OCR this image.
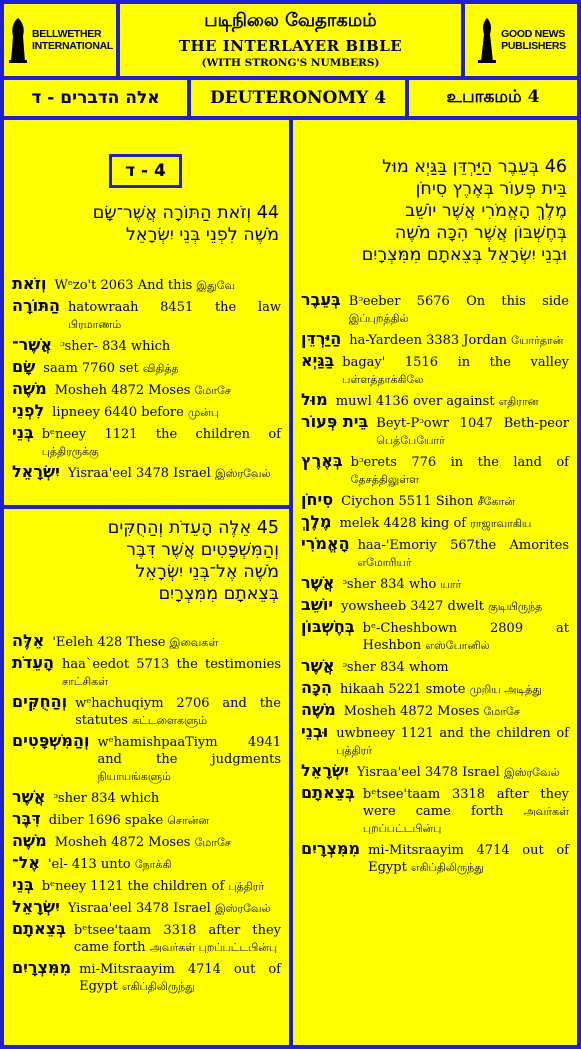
BELLWETHER
INTERNATIONAL
படிநிலை வேதாகமம்
THE INTERLAYER BIBLE
(WITH STRONG'S NUMBERS)
GOOD NEWS
PUBLISHERS
אלה הדברים - ד	DEUTERONOMY 4	உபாகமம் 4
4 - ד
44 וְזֹאת הַתּוֹרָה אֲשֶׁר־שָׂם
מֹשֶׁה לִפְנֵי בְּנֵי יִשְׂרָאֵל
וְזֹאת Wᵉzo't 2063 And this இதுவே
הַתּוֹרָה hatowraah 8451 the law பிரமாணம்
אֲשֶׁר־ ᵓsher- 834 which
שָׂם saam 7760 set விதித்த
מֹשֶׁה Mosheh 4872 Moses மோசே
לִפְנֵי lipneey 6440 before முன்பு
בְּנֵי bᵉneey 1121 the children of புத்திரருக்கு
יִשְׂרָאֵל Yisraa'eel 3478 Israel இஸ்ரவேல்
45 אֵלֶּה הָעֵדֹת וְהַחֻקִּים
וְהַמִּשְׁפָּטִים אֲשֶׁר דִּבֶּר
מֹשֶׁה אֶל־בְּנֵי יִשְׂרָאֵל
בְּצֵאתָם מִמִּצְרָיִם
אֵלֶּה 'Eeleh 428 These இவைகள்
הָעֵדֹת haa`eedot 5713 the testimonies சாட்சிகள்
וְהַחֻקִּים wᵉhachuqiym 2706 and the statutes கட்டளைகளும்
וְהַמִּשְׁפָּטִים wᵉhamishpaaTiym 4941 and the judgments நியாயங்களும்
אֲשֶׁר ᵓsher 834 which
דִּבֶּר diber 1696 spake சொன்ன
מֹשֶׁה Mosheh 4872 Moses மோசே
אֶל־ 'el- 413 unto நோக்கி
בְּנֵי bᵉneey 1121 the children of புத்திரர்
יִשְׂרָאֵל Yisraa'eel 3478 Israel இஸ்ரவேல்
בְּצֵאתָם bᵉtsee'taam 3318 after they came forth அவர்கள் புறப்பட்டபின்பு
מִמִּצְרָיִם mi-Mitsraayim 4714 out of Egypt எகிப்திலிருந்து
46 בְּעֵבֶר הַיַּרְדֵּן בַּגַּיְא מוּל
בֵּית פְּעוֹר בְּאֶרֶץ סִיחֹן
מֶלֶךְ הָאֱמֹרִי אֲשֶׁר יוֹשֵׁב
בְּחֶשְׁבּוֹן אֲשֶׁר הִכָּה מֹשֶׁה
וּבְנֵי יִשְׂרָאֵל בְּצֵאתָם מִמִּצְרָיִם
בְּעֵבֶר Bᵓeeber 5676 On this side இப்புறத்தில்
הַיַּרְדֵּן ha-Yardeen 3383 Jordan யோர்தான்
בַּגַּיְא bagay' 1516 in the valley பள்ளத்தாக்கிலே
מוּל muwl 4136 over against எதிரான
בֵּית פְּעוֹר Beyt-Pᵓowr 1047 Beth-peor பெத்பேயோர்
בְּאֶרֶץ bᵓerets 776 in the land of தேசத்திலுள்ள
סִיחֹן Ciychon 5511 Sihon சீகோன்
מֶלֶךְ melek 4428 king of ராஜாவாகிய
הָאֱמֹרִי haa-'Emoriy 567the Amorites எமோரியர்
אֲשֶׁר ᵓsher 834 who யார்
יוֹשֵׁב yowsheeb 3427 dwelt குடியிருந்த
בְּחֶשְׁבּוֹן bᵉ-Cheshbown 2809 at Heshbon எஸ்போனில்
אֲשֶׁר ᵓsher 834 whom
הִכָּה hikaah 5221 smote முறிய அடித்து
מֹשֶׁה Mosheh 4872 Moses மோசே
וּבְנֵי uwbneey 1121 and the children of புத்திரர்
יִשְׂרָאֵל Yisraa'eel 3478 Israel இஸ்ரவேல்
בְּצֵאתָם bᵉtsee'taam 3318 after they were came forth அவர்கள் புறப்பட்டபின்பு
מִמִּצְרָיִם mi-Mitsraayim 4714 out of Egypt எகிப்திலிருந்து
